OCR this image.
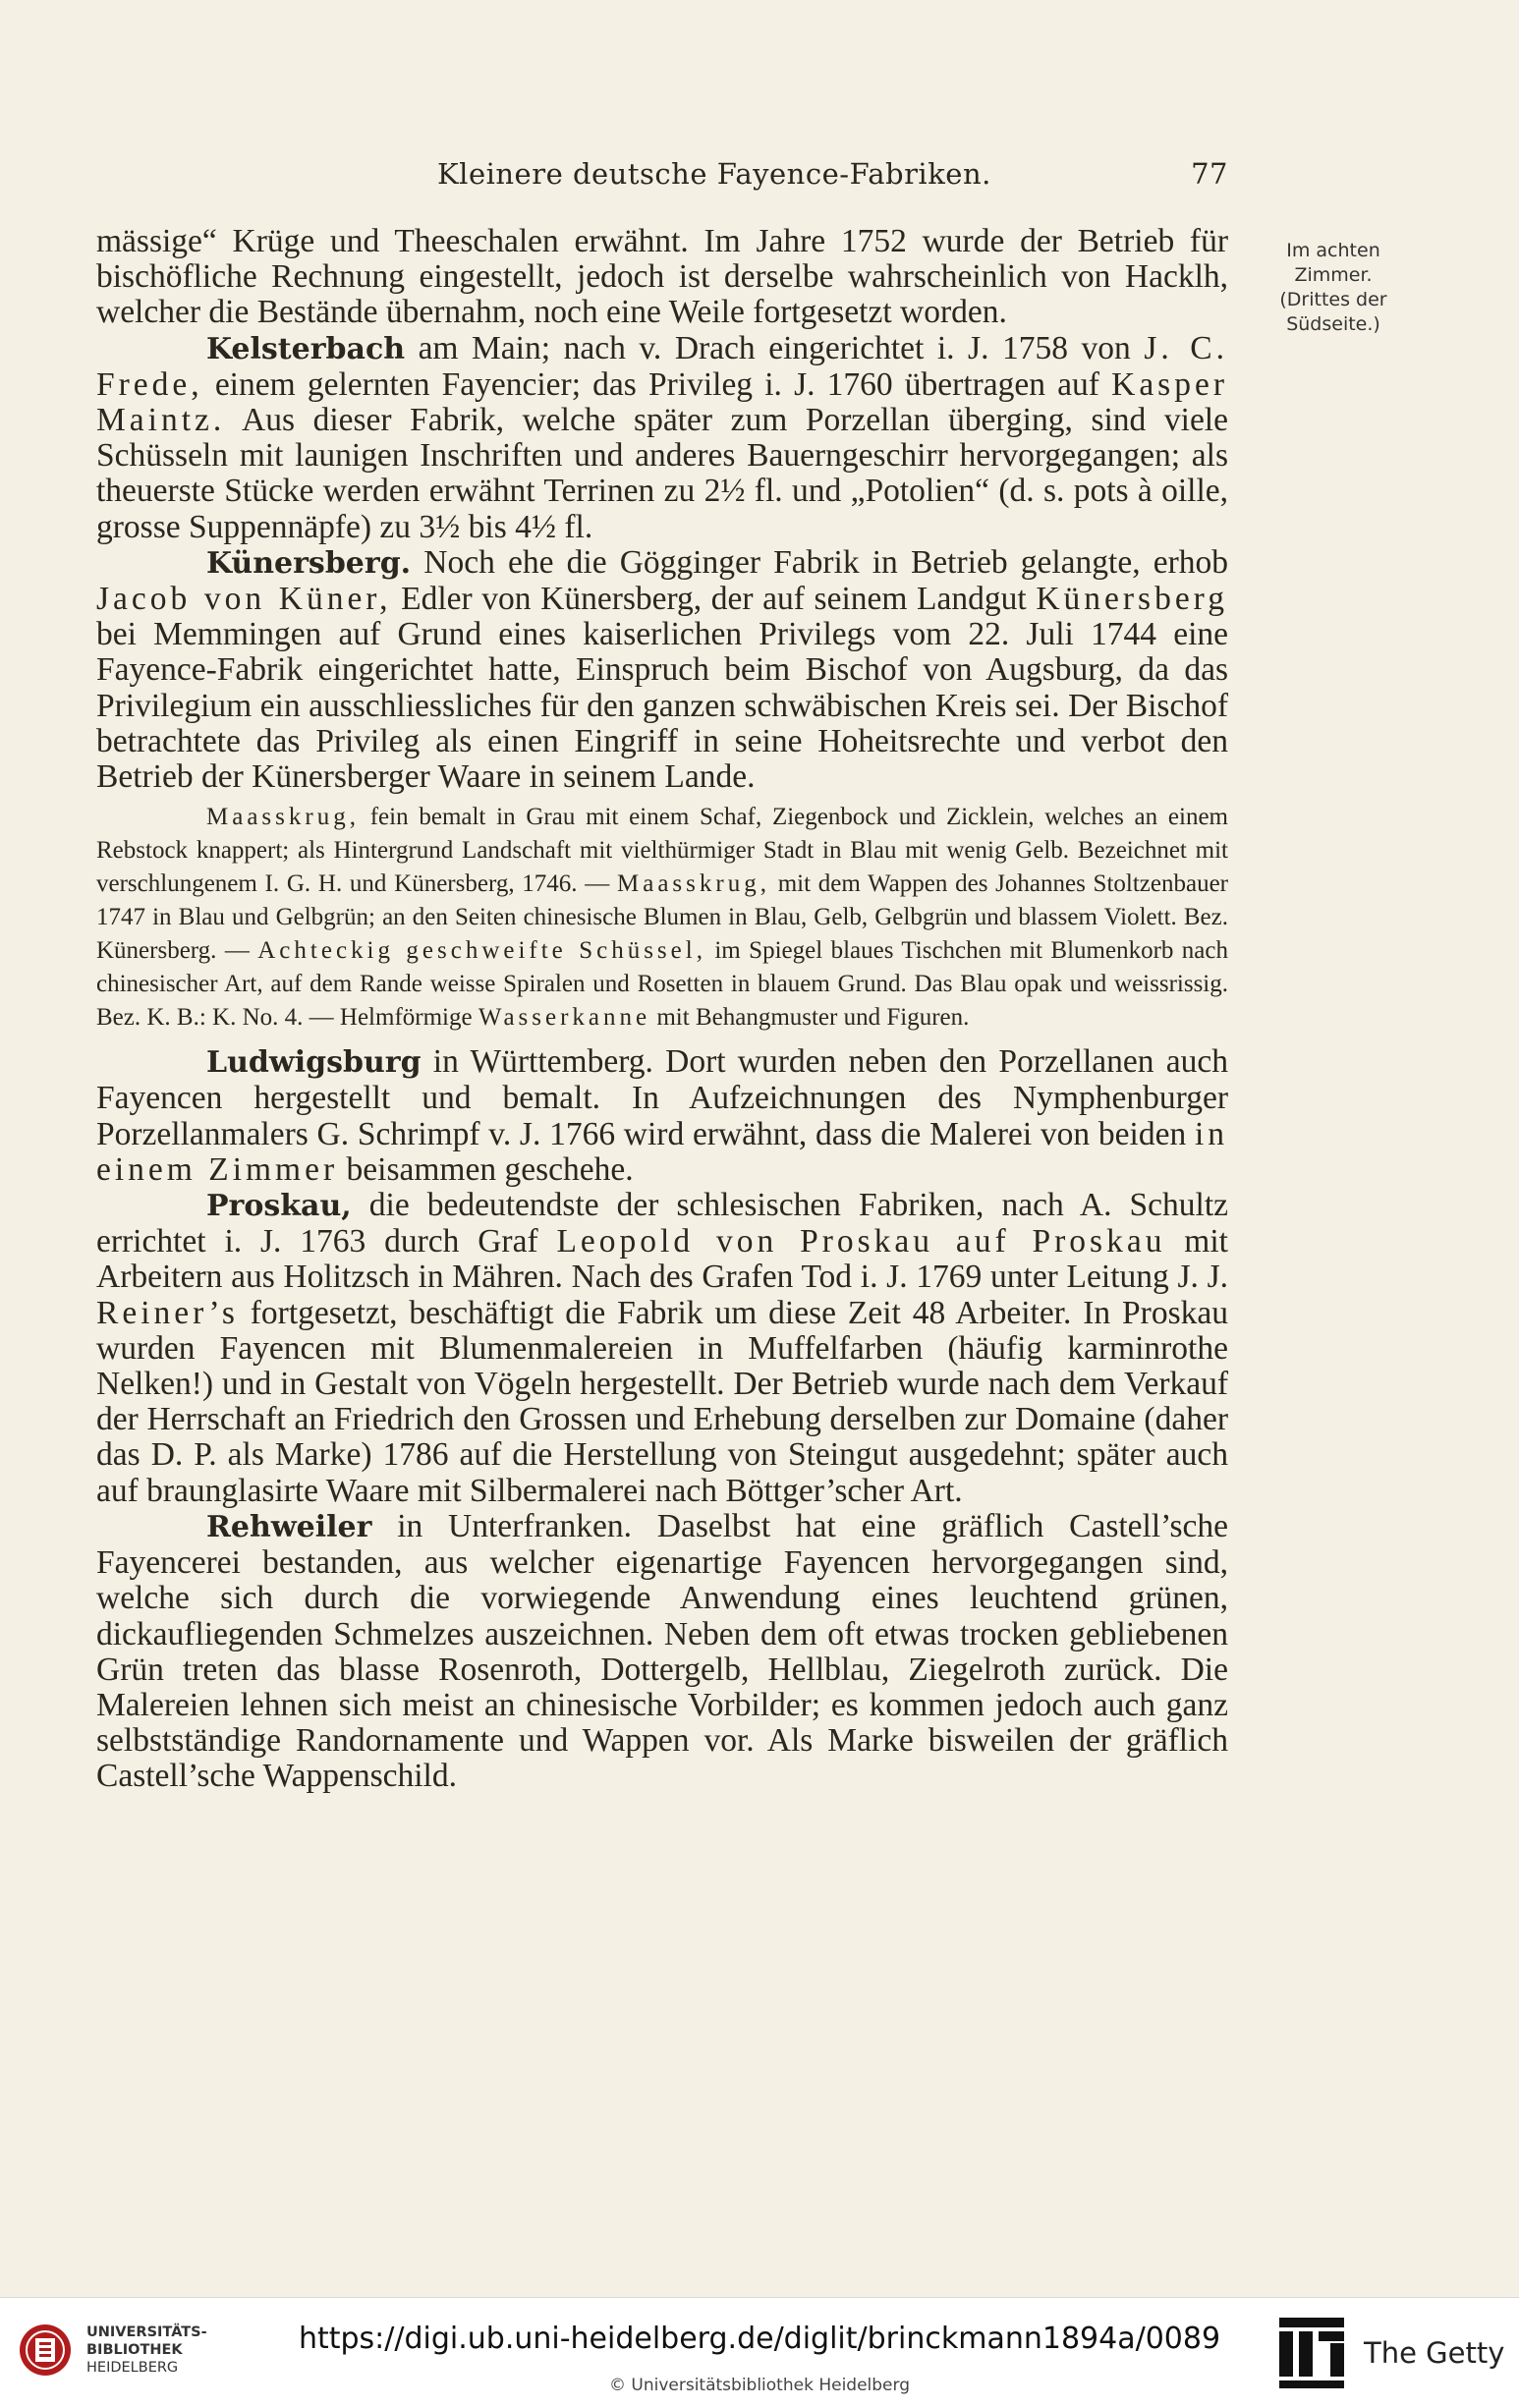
Kleinere deutsche Fayence-Fabriken.	77
Im achten
Zimmer.
(Drittes der
Südseite.)

mässige“ Krüge und Theeschalen erwähnt. Im Jahre 1752 wurde der Betrieb für bischöfliche Rechnung eingestellt, jedoch ist derselbe wahrscheinlich von Hacklh, welcher die Bestände übernahm, noch eine Weile fortgesetzt worden.

Kelsterbach am Main; nach v. Drach eingerichtet i. J. 1758 von J. C. Frede, einem gelernten Fayencier; das Privileg i. J. 1760 übertragen auf Kasper Maintz. Aus dieser Fabrik, welche später zum Porzellan überging, sind viele Schüsseln mit launigen Inschriften und anderes Bauerngeschirr hervorgegangen; als theuerste Stücke werden erwähnt Terrinen zu 2½ fl. und „Potolien“ (d. s. pots à oille, grosse Suppennäpfe) zu 3½ bis 4½ fl.

Künersberg. Noch ehe die Gögginger Fabrik in Betrieb gelangte, erhob Jacob von Küner, Edler von Künersberg, der auf seinem Landgut Künersberg bei Memmingen auf Grund eines kaiserlichen Privilegs vom 22. Juli 1744 eine Fayence-Fabrik eingerichtet hatte, Einspruch beim Bischof von Augsburg, da das Privilegium ein ausschliessliches für den ganzen schwäbischen Kreis sei. Der Bischof betrachtete das Privileg als einen Eingriff in seine Hoheitsrechte und verbot den Betrieb der Künersberger Waare in seinem Lande.

Maasskrug, fein bemalt in Grau mit einem Schaf, Ziegenbock und Zicklein, welches an einem Rebstock knappert; als Hintergrund Landschaft mit vielthürmiger Stadt in Blau mit wenig Gelb. Bezeichnet mit verschlungenem I. G. H. und Künersberg, 1746. — Maasskrug, mit dem Wappen des Johannes Stoltzenbauer 1747 in Blau und Gelbgrün; an den Seiten chinesische Blumen in Blau, Gelb, Gelbgrün und blassem Violett. Bez. Künersberg. — Achteckig geschweifte Schüssel, im Spiegel blaues Tischchen mit Blumenkorb nach chinesischer Art, auf dem Rande weisse Spiralen und Rosetten in blauem Grund. Das Blau opak und weissrissig. Bez. K. B.: K. No. 4. — Helmförmige Wasserkanne mit Behangmuster und Figuren.

Ludwigsburg in Württemberg. Dort wurden neben den Porzellanen auch Fayencen hergestellt und bemalt. In Aufzeichnungen des Nymphenburger Porzellanmalers G. Schrimpf v. J. 1766 wird erwähnt, dass die Malerei von beiden in einem Zimmer beisammen geschehe.

Proskau, die bedeutendste der schlesischen Fabriken, nach A. Schultz errichtet i. J. 1763 durch Graf Leopold von Proskau auf Proskau mit Arbeitern aus Holitzsch in Mähren. Nach des Grafen Tod i. J. 1769 unter Leitung J. J. Reiner’s fortgesetzt, beschäftigt die Fabrik um diese Zeit 48 Arbeiter. In Proskau wurden Fayencen mit Blumenmalereien in Muffelfarben (häufig karminrothe Nelken!) und in Gestalt von Vögeln hergestellt. Der Betrieb wurde nach dem Verkauf der Herrschaft an Friedrich den Grossen und Erhebung derselben zur Domaine (daher das D. P. als Marke) 1786 auf die Herstellung von Steingut ausgedehnt; später auch auf braunglasirte Waare mit Silbermalerei nach Böttger’scher Art.

Rehweiler in Unterfranken. Daselbst hat eine gräflich Castell’sche Fayencerei bestanden, aus welcher eigenartige Fayencen hervorgegangen sind, welche sich durch die vorwiegende Anwendung eines leuchtend grünen, dickaufliegenden Schmelzes auszeichnen. Neben dem oft etwas trocken gebliebenen Grün treten das blasse Rosenroth, Dottergelb, Hellblau, Ziegelroth zurück. Die Malereien lehnen sich meist an chinesische Vorbilder; es kommen jedoch auch ganz selbstständige Randornamente und Wappen vor. Als Marke bisweilen der gräflich Castell’sche Wappenschild.

UNIVERSITÄTS-
BIBLIOTHEK
HEIDELBERG
https://digi.ub.uni-heidelberg.de/diglit/brinckmann1894a/0089
© Universitätsbibliothek Heidelberg
The Getty
